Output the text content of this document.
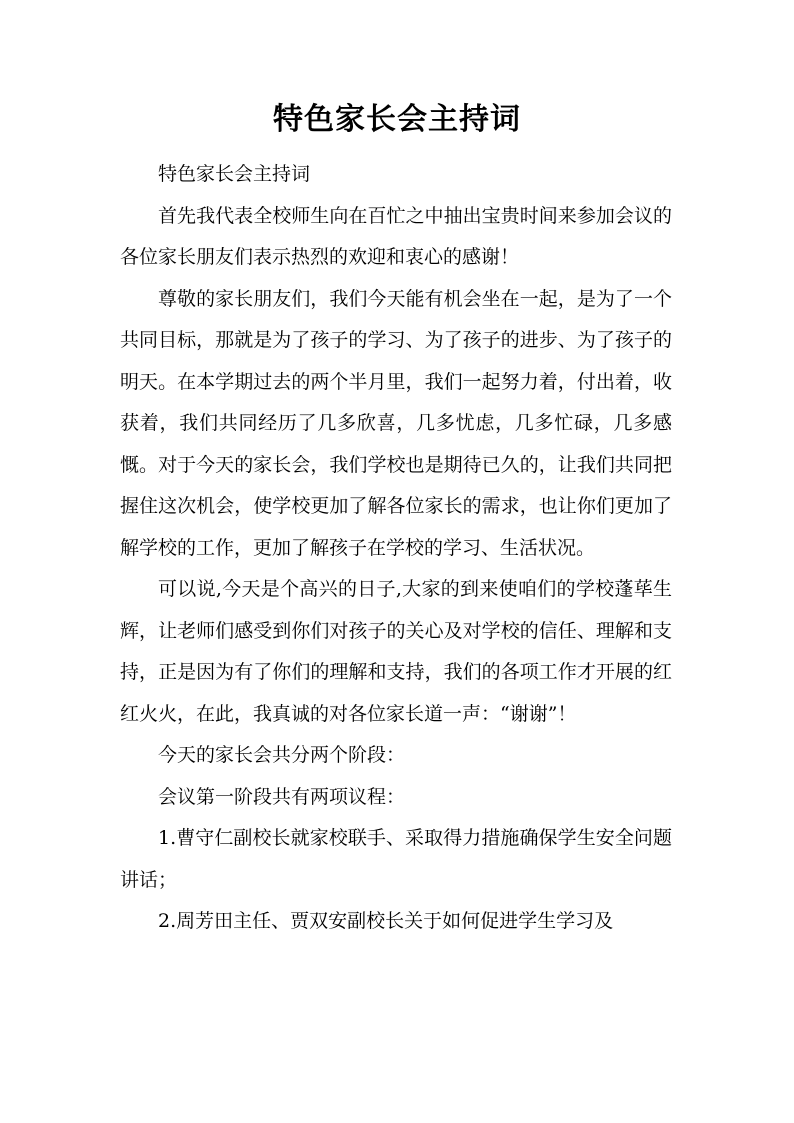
特色家长会主持词

特色家长会主持词

首先我代表全校师生向在百忙之中抽出宝贵时间来参加会议的各位家长朋友们表示热烈的欢迎和衷心的感谢！

尊敬的家长朋友们，我们今天能有机会坐在一起，是为了一个共同目标，那就是为了孩子的学习、为了孩子的进步、为了孩子的明天。在本学期过去的两个半月里，我们一起努力着，付出着，收获着，我们共同经历了几多欣喜，几多忧虑，几多忙碌，几多感慨。对于今天的家长会，我们学校也是期待已久的，让我们共同把握住这次机会，使学校更加了解各位家长的需求，也让你们更加了解学校的工作，更加了解孩子在学校的学习、生活状况。

可以说,今天是个高兴的日子,大家的到来使咱们的学校蓬荜生辉，让老师们感受到你们对孩子的关心及对学校的信任、理解和支持，正是因为有了你们的理解和支持，我们的各项工作才开展的红红火火，在此，我真诚的对各位家长道一声：“谢谢”！

今天的家长会共分两个阶段：

会议第一阶段共有两项议程：

1.曹守仁副校长就家校联手、采取得力措施确保学生安全问题讲话；

2.周芳田主任、贾双安副校长关于如何促进学生学习及
